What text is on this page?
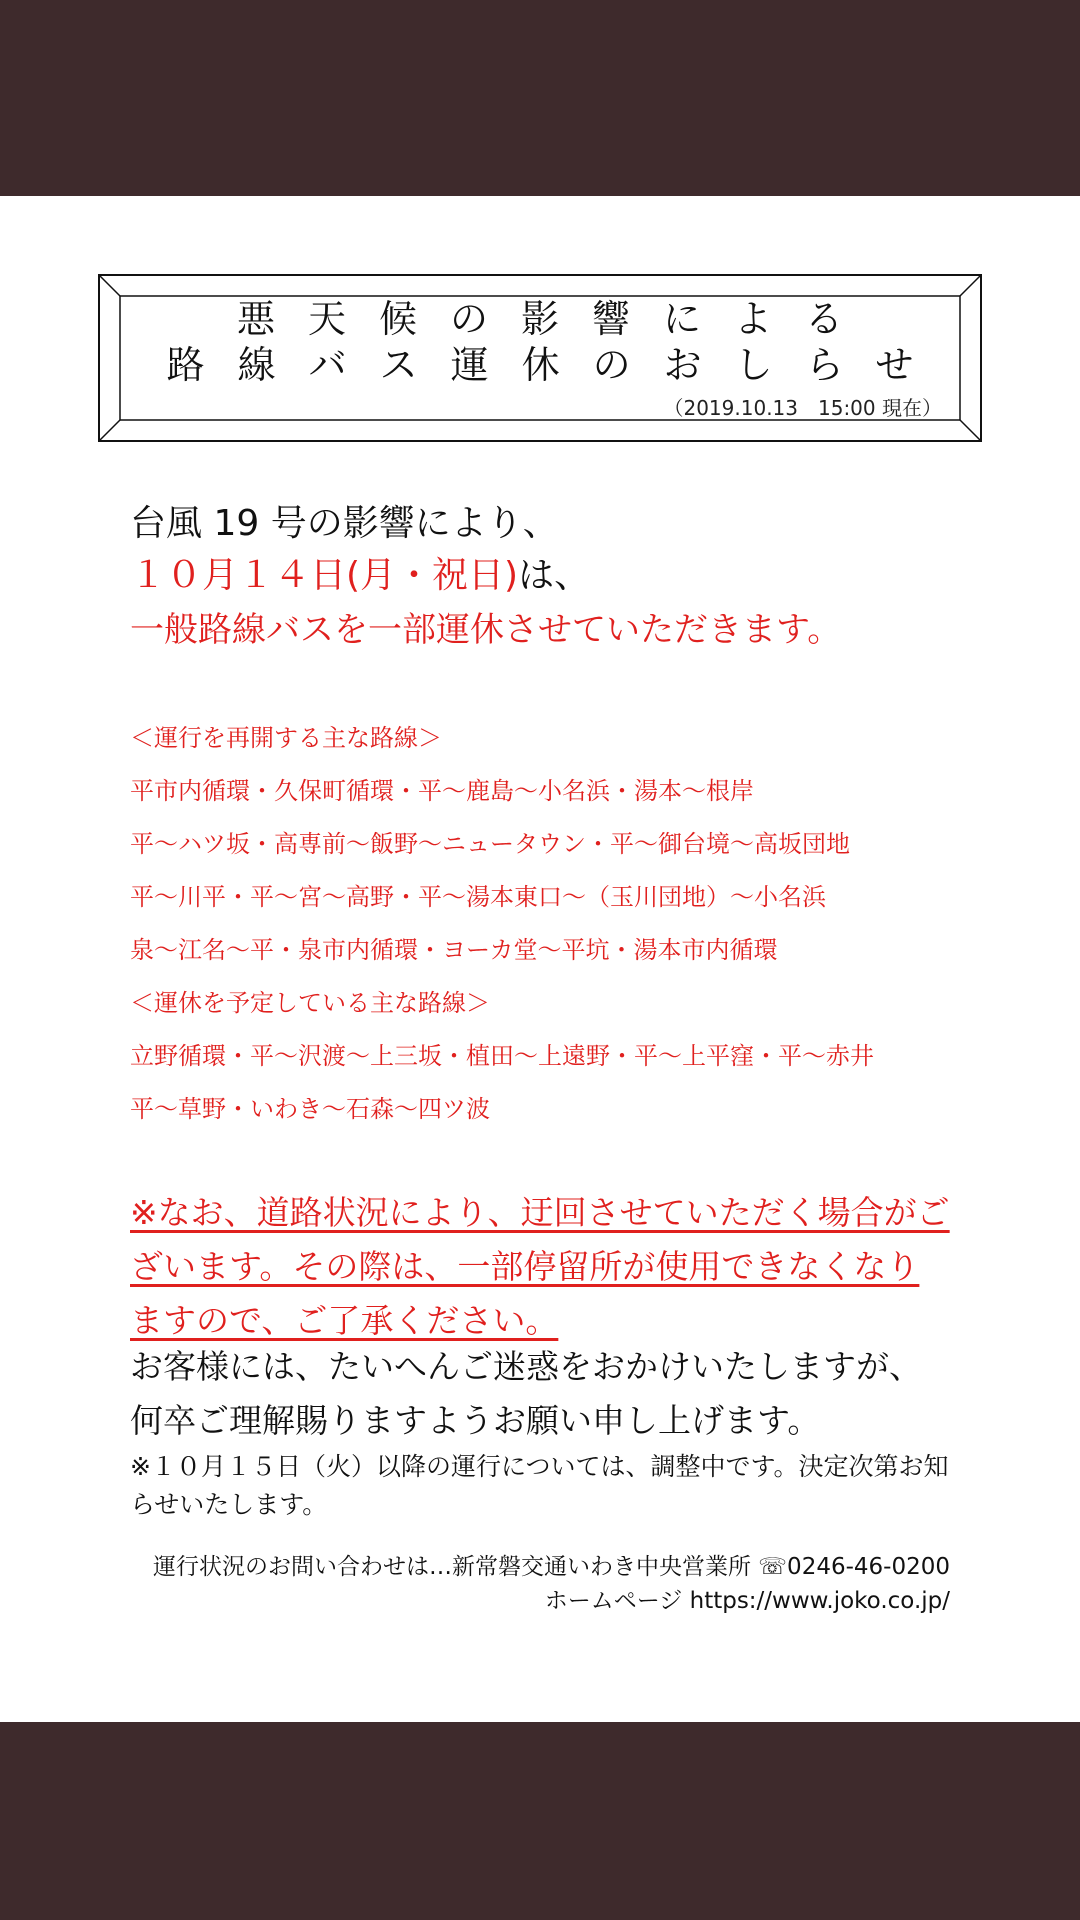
悪天候の影響による
路線バス運休のおしらせ
（2019.10.13　15:00 現在）
台風 19 号の影響により、
１０月１４日(月・祝日)は、
一般路線バスを一部運休させていただきます。
＜運行を再開する主な路線＞
平市内循環・久保町循環・平～鹿島～小名浜・湯本～根岸
平～ハツ坂・高専前～飯野～ニュータウン・平～御台境～高坂団地
平～川平・平～宮～高野・平～湯本東口～（玉川団地）～小名浜
泉～江名～平・泉市内循環・ヨーカ堂～平坑・湯本市内循環
＜運休を予定している主な路線＞
立野循環・平～沢渡～上三坂・植田～上遠野・平～上平窪・平～赤井
平～草野・いわき～石森～四ツ波
※なお、道路状況により、迂回させていただく場合がございます。その際は、一部停留所が使用できなくなりますので、ご了承ください。
お客様には、たいへんご迷惑をおかけいたしますが、何卒ご理解賜りますようお願い申し上げます。
※１０月１５日（火）以降の運行については、調整中です。決定次第お知らせいたします。
運行状況のお問い合わせは…新常磐交通いわき中央営業所 ☏0246-46-0200
ホームページ https://www.joko.co.jp/
